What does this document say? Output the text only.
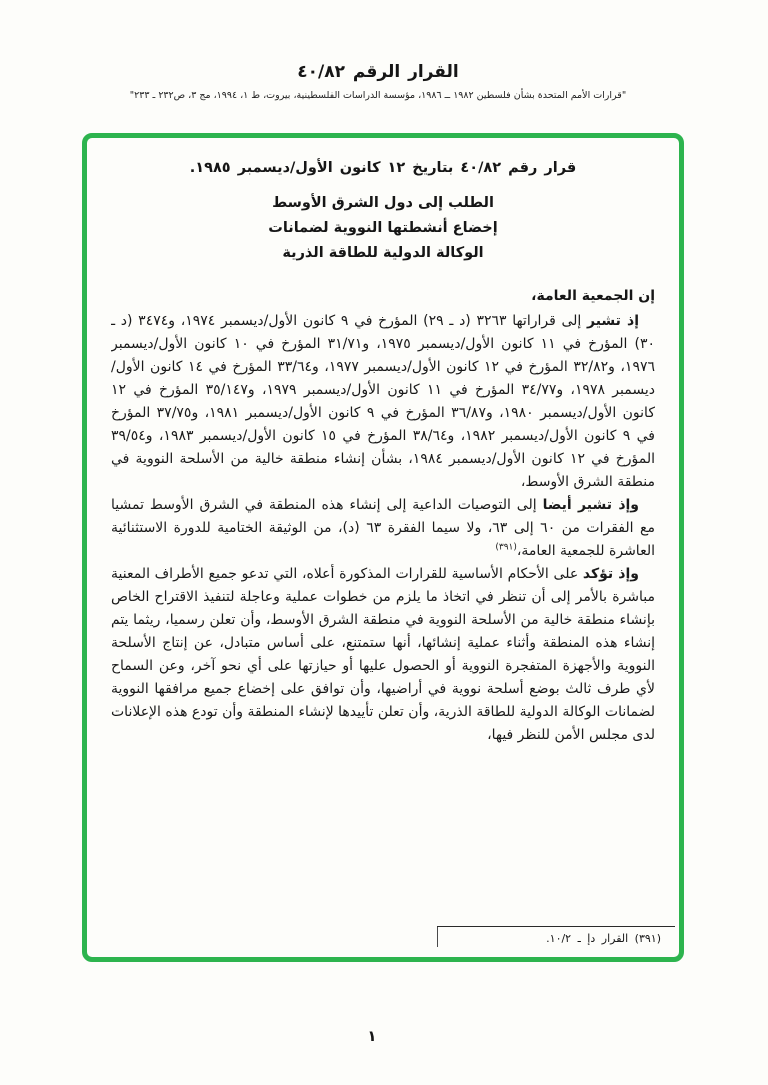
القرار الرقم ٤٠/٨٢
"قرارات الأمم المتحدة بشأن فلسطين ١٩٨٢ ــ ١٩٨٦، مؤسسة الدراسات الفلسطينية، بيروت، ط ١، ١٩٩٤، مج ٣، ص٢٣٢ ـ ٢٣٣"
قرار رقم ٤٠/٨٢ بتاريخ ١٢ كانون الأول/ديسمبر ١٩٨٥.
الطلب إلى دول الشرق الأوسط
إخضاع أنشطتها النووية لضمانات
الوكالة الدولية للطاقة الذرية
إن الجمعية العامة،
إذ تشير إلى قراراتها ٣٢٦٣ (د ـ ٢٩) المؤرخ في ٩ كانون الأول/ديسمبر ١٩٧٤، و٣٤٧٤ (د ـ ٣٠) المؤرخ في ١١ كانون الأول/ديسمبر ١٩٧٥، و٣١/٧١ المؤرخ في ١٠ كانون الأول/ديسمبر ١٩٧٦، و٣٢/٨٢ المؤرخ في ١٢ كانون الأول/ديسمبر ١٩٧٧، و٣٣/٦٤ المؤرخ في ١٤ كانون الأول/ديسمبر ١٩٧٨، و٣٤/٧٧ المؤرخ في ١١ كانون الأول/ديسمبر ١٩٧٩، و٣٥/١٤٧ المؤرخ في ١٢ كانون الأول/ديسمبر ١٩٨٠، و٣٦/٨٧ المؤرخ في ٩ كانون الأول/ديسمبر ١٩٨١، و٣٧/٧٥ المؤرخ في ٩ كانون الأول/ديسمبر ١٩٨٢، و٣٨/٦٤ المؤرخ في ١٥ كانون الأول/ديسمبر ١٩٨٣، و٣٩/٥٤ المؤرخ في ١٢ كانون الأول/ديسمبر ١٩٨٤، بشأن إنشاء منطقة خالية من الأسلحة النووية في منطقة الشرق الأوسط،
وإذ تشير أيضا إلى التوصيات الداعية إلى إنشاء هذه المنطقة في الشرق الأوسط تمشيا مع الفقرات من ٦٠ إلى ٦٣، ولا سيما الفقرة ٦٣ (د)، من الوثيقة الختامية للدورة الاستثنائية العاشرة للجمعية العامة،$^{(٣٩١)}$
وإذ تؤكد على الأحكام الأساسية للقرارات المذكورة أعلاه، التي تدعو جميع الأطراف المعنية مباشرة بالأمر إلى أن تنظر في اتخاذ ما يلزم من خطوات عملية وعاجلة لتنفيذ الاقتراح الخاص بإنشاء منطقة خالية من الأسلحة النووية في منطقة الشرق الأوسط، وأن تعلن رسميا، ريثما يتم إنشاء هذه المنطقة وأثناء عملية إنشائها، أنها ستمتنع، على أساس متبادل، عن إنتاج الأسلحة النووية والأجهزة المتفجرة النووية أو الحصول عليها أو حيازتها على أي نحو آخر، وعن السماح لأي طرف ثالث بوضع أسلحة نووية في أراضيها، وأن توافق على إخضاع جميع مرافقها النووية لضمانات الوكالة الدولية للطاقة الذرية، وأن تعلن تأييدها لإنشاء المنطقة وأن تودع هذه الإعلانات لدى مجلس الأمن للنظر فيها،
(٣٩١) القرار دإ ـ ١٠/٢.
١
